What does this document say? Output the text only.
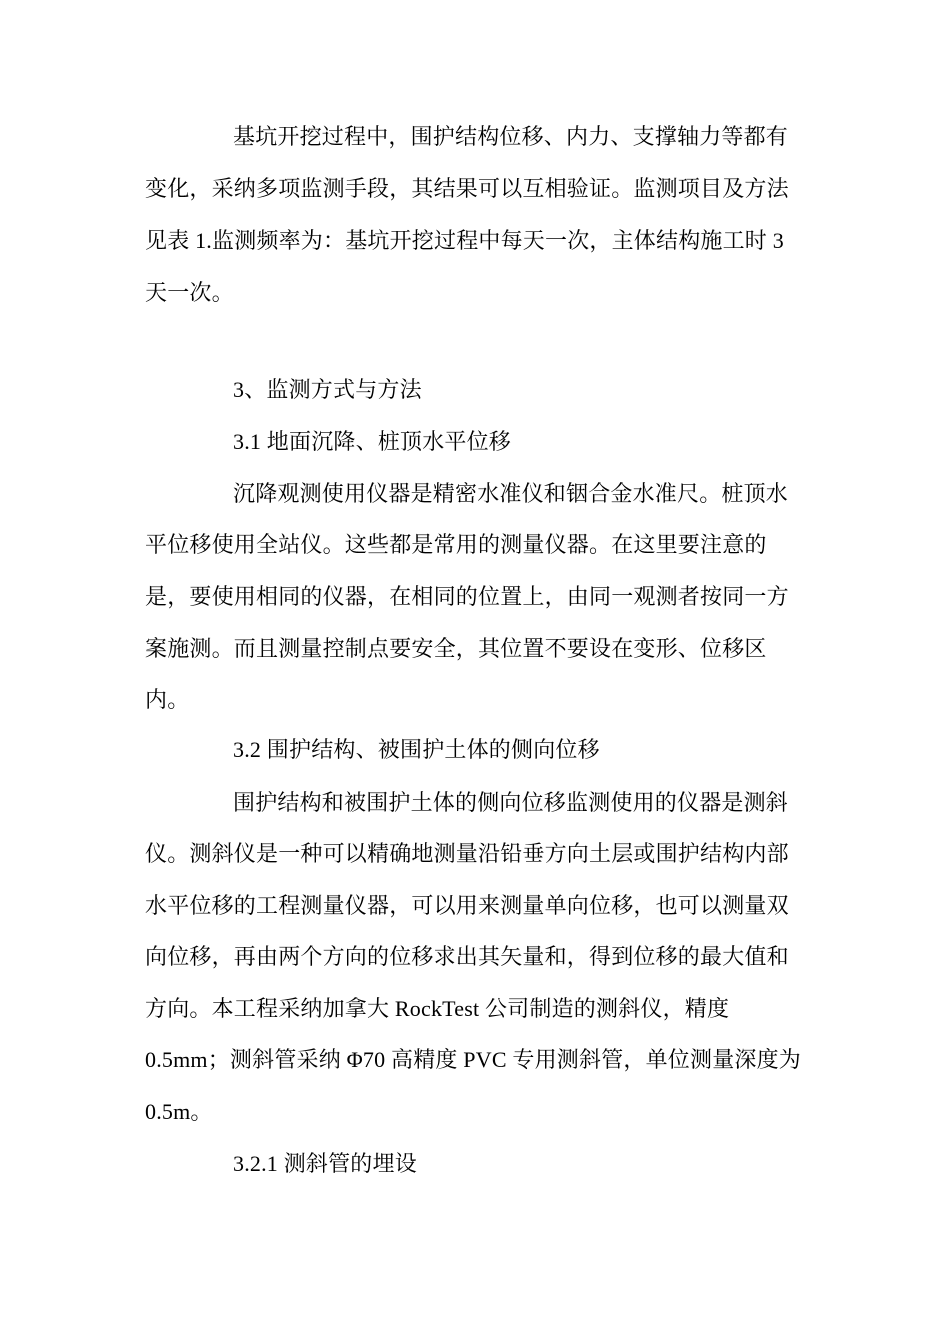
基坑开挖过程中，围护结构位移、内力、支撑轴力等都有
变化，采纳多项监测手段，其结果可以互相验证。监测项目及方法
见表 1.监测频率为：基坑开挖过程中每天一次，主体结构施工时 3
天一次。
3、监测方式与方法
3.1 地面沉降、桩顶水平位移
沉降观测使用仪器是精密水准仪和铟合金水准尺。桩顶水
平位移使用全站仪。这些都是常用的测量仪器。在这里要注意的
是，要使用相同的仪器，在相同的位置上，由同一观测者按同一方
案施测。而且测量控制点要安全，其位置不要设在变形、位移区
内。
3.2 围护结构、被围护土体的侧向位移
围护结构和被围护土体的侧向位移监测使用的仪器是测斜
仪。测斜仪是一种可以精确地测量沿铅垂方向土层或围护结构内部
水平位移的工程测量仪器，可以用来测量单向位移，也可以测量双
向位移，再由两个方向的位移求出其矢量和，得到位移的最大值和
方向。本工程采纳加拿大 RockTest 公司制造的测斜仪，精度
0.5mm；测斜管采纳 Φ70 高精度 PVC 专用测斜管，单位测量深度为
0.5m。
3.2.1 测斜管的埋设
